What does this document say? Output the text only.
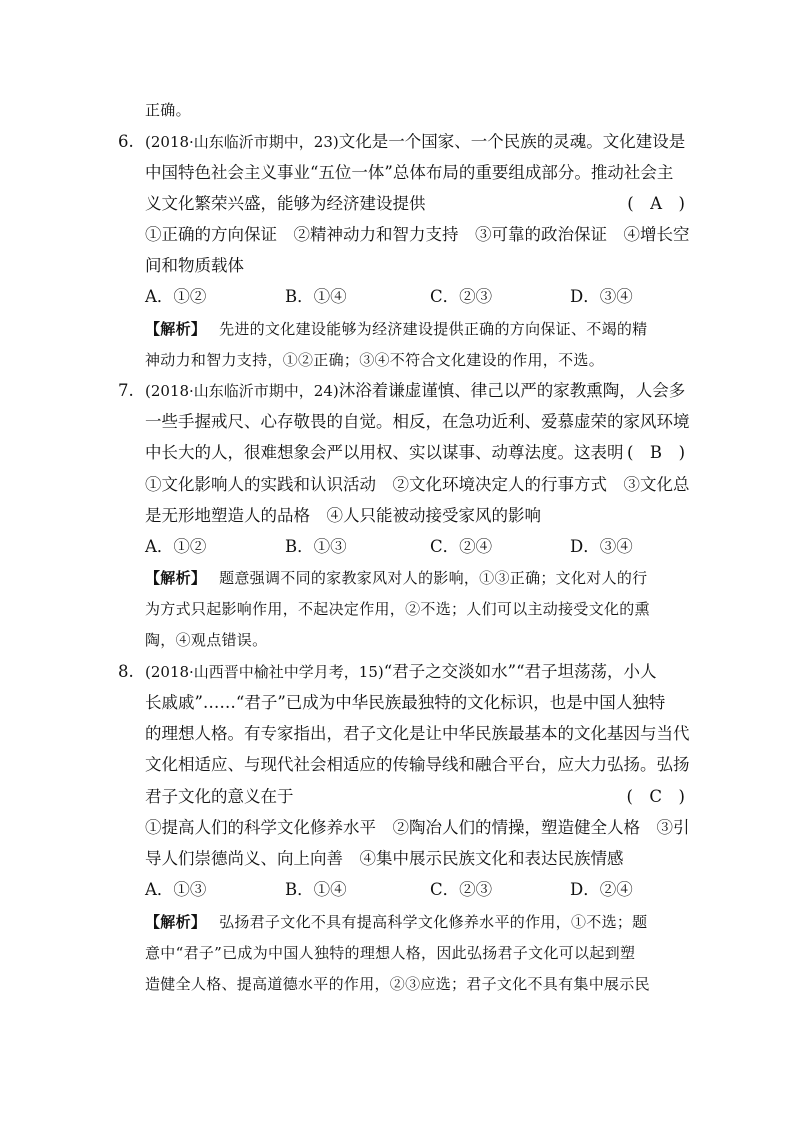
正确。
6. (2018·山东临沂市期中，23)文化是一个国家、一个民族的灵魂。文化建设是
中国特色社会主义事业“五位一体”总体布局的重要组成部分。推动社会主
义文化繁荣兴盛，能够为经济建设提供	(　A　)
①正确的方向保证　②精神动力和智力支持　③可靠的政治保证　④增长空
间和物质载体
A．①②	B．①④	C．②③	D．③④
【解析】　 先进的文化建设能够为经济建设提供正确的方向保证、不竭的精
神动力和智力支持，①②正确；③④不符合文化建设的作用，不选。
7. (2018·山东临沂市期中，24)沐浴着谦虚谨慎、律己以严的家教熏陶，人会多
一些手握戒尺、心存敬畏的自觉。相反，在急功近利、爱慕虚荣的家风环境
中长大的人，很难想象会严以用权、实以谋事、动尊法度。这表明 (　B　)
①文化影响人的实践和认识活动　②文化环境决定人的行事方式　③文化总
是无形地塑造人的品格　④人只能被动接受家风的影响
A．①②	B．①③	C．②④	D．③④
【解析】　 题意强调不同的家教家风对人的影响，①③正确；文化对人的行
为方式只起影响作用，不起决定作用，②不选；人们可以主动接受文化的熏
陶，④观点错误。
8. (2018·山西晋中榆社中学月考，15)“君子之交淡如水”“君子坦荡荡，小人
长戚戚”……“君子”已成为中华民族最独特的文化标识，也是中国人独特
的理想人格。有专家指出，君子文化是让中华民族最基本的文化基因与当代
文化相适应、与现代社会相适应的传输导线和融合平台，应大力弘扬。弘扬
君子文化的意义在于	(　C　)
①提高人们的科学文化修养水平　②陶冶人们的情操，塑造健全人格　③引
导人们崇德尚义、向上向善　④集中展示民族文化和表达民族情感
A．①③	B．①④	C．②③	D．②④
【解析】　 弘扬君子文化不具有提高科学文化修养水平的作用，①不选；题
意中“君子”已成为中国人独特的理想人格，因此弘扬君子文化可以起到塑
造健全人格、提高道德水平的作用，②③应选；君子文化不具有集中展示民
